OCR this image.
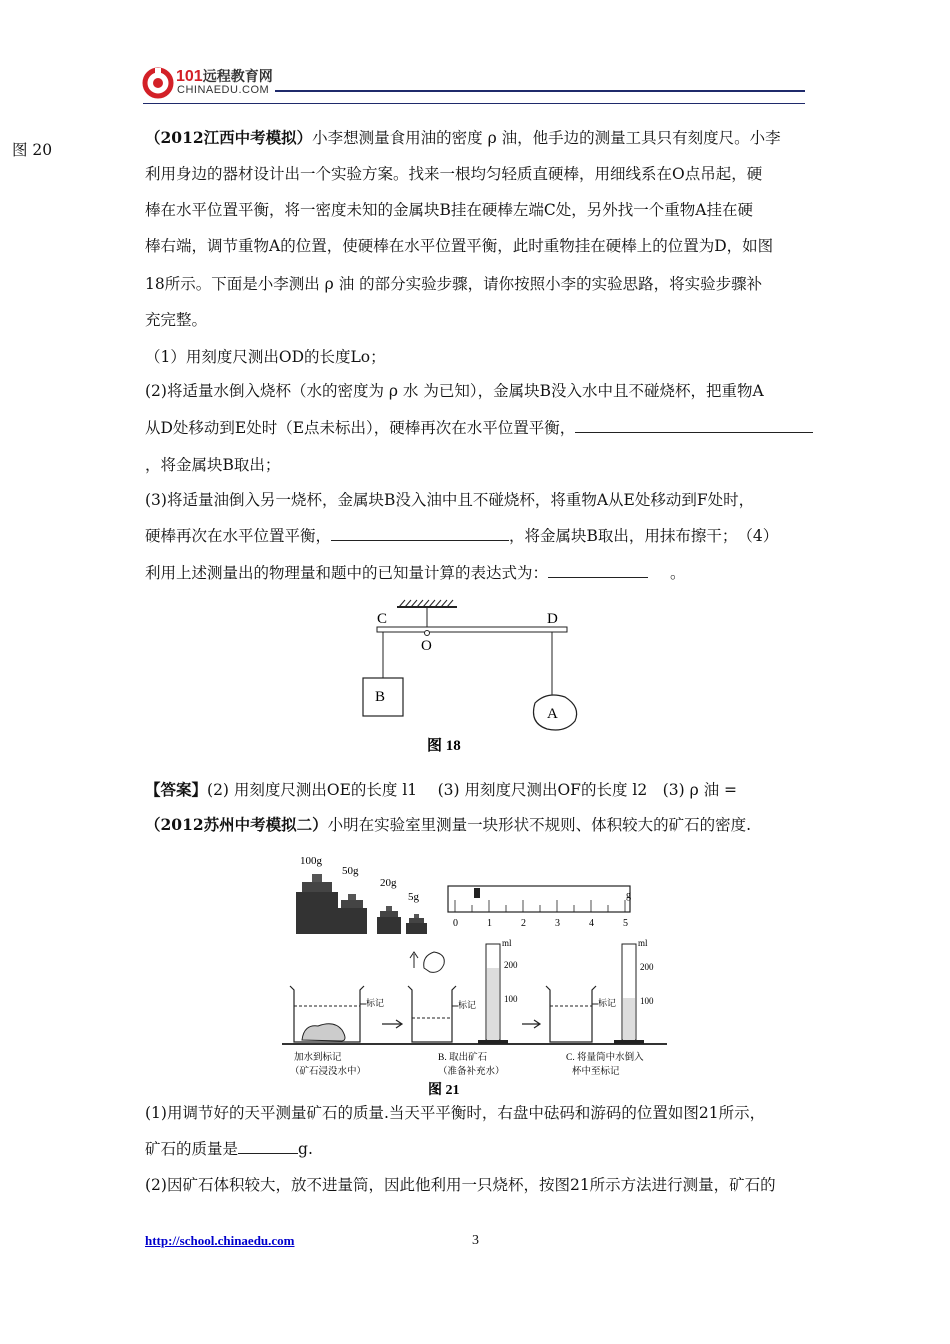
101远程教育网
CHINAEDU.COM
图 20
（2012江西中考模拟）小李想测量食用油的密度 ρ 油，他手边的测量工具只有刻度尺。小李
利用身边的器材设计出一个实验方案。找来一根均匀轻质直硬棒，用细线系在O点吊起，硬
棒在水平位置平衡，将一密度未知的金属块B挂在硬棒左端C处，另外找一个重物A挂在硬
棒右端，调节重物A的位置，使硬棒在水平位置平衡，此时重物挂在硬棒上的位置为D，如图
18所示。下面是小李测出 ρ 油 的部分实验步骤，请你按照小李的实验思路，将实验步骤补
充完整。
（1）用刻度尺测出OD的长度Lo；
(2)将适量水倒入烧杯（水的密度为 ρ 水 为已知），金属块B没入水中且不碰烧杯，把重物A
从D处移动到E处时（E点未标出），硬棒再次在水平位置平衡，
，将金属块B取出；
(3)将适量油倒入另一烧杯，金属块B没入油中且不碰烧杯，将重物A从E处移动到F处时，
硬棒再次在水平位置平衡，	，将金属块B取出，用抹布擦干；　（4）
利用上述测量出的物理量和题中的已知量计算的表达式为：	。
C
O
D
B
A
图 18
【答案】(2) 用刻度尺测出OE的长度 l1　 (3) 用刻度尺测出OF的长度 l2　(3) ρ 油 =
（2012苏州中考模拟二）小明在实验室里测量一块形状不规则、体积较大的矿石的密度.
100g
50g
20g
5g
0	1	2	3	4	5
g
标记	标记
ml
200
100	标记
ml
200
100
加水到标记
（矿石浸没水中）
B. 取出矿石
（准备补充水）
C. 将量筒中水倒入
杯中至标记
图 21
(1)用调节好的天平测量矿石的质量.当天平平衡时，右盘中砝码和游码的位置如图21所示，
矿石的质量是	g.
(2)因矿石体积较大，放不进量筒，因此他利用一只烧杯，按图21所示方法进行测量，矿石的
http://school.chinaedu.com	3
